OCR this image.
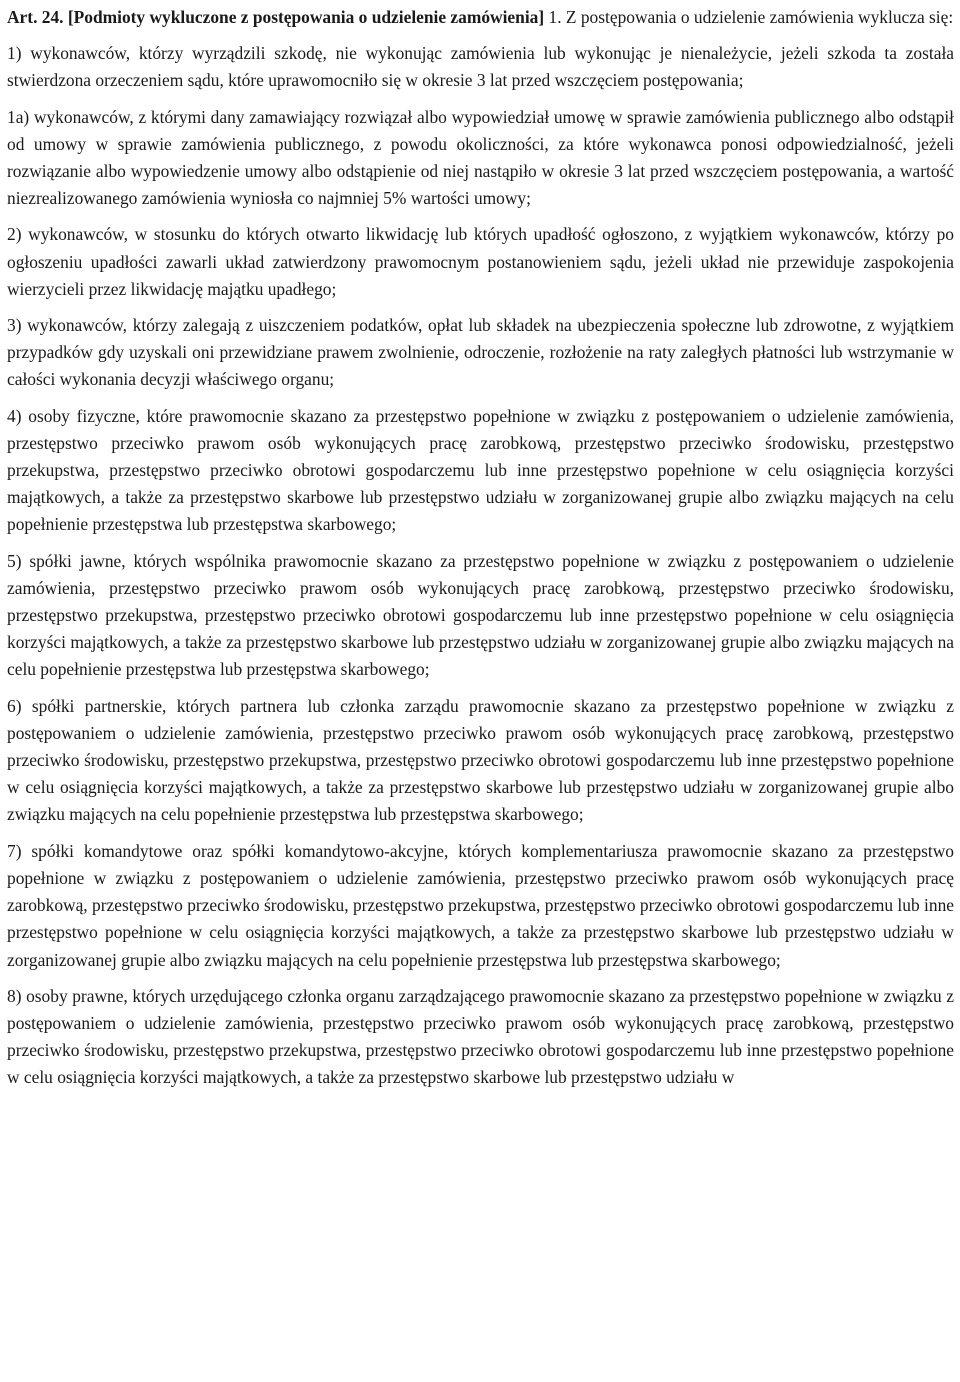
Art. 24. [Podmioty wykluczone z postępowania o udzielenie zamówienia] 1. Z postępowania o udzielenie zamówienia wyklucza się:

1) wykonawców, którzy wyrządzili szkodę, nie wykonując zamówienia lub wykonując je nienależycie, jeżeli szkoda ta została stwierdzona orzeczeniem sądu, które uprawomocniło się w okresie 3 lat przed wszczęciem postępowania;

1a) wykonawców, z którymi dany zamawiający rozwiązał albo wypowiedział umowę w sprawie zamówienia publicznego albo odstąpił od umowy w sprawie zamówienia publicznego, z powodu okoliczności, za które wykonawca ponosi odpowiedzialność, jeżeli rozwiązanie albo wypowiedzenie umowy albo odstąpienie od niej nastąpiło w okresie 3 lat przed wszczęciem postępowania, a wartość niezrealizowanego zamówienia wyniosła co najmniej 5% wartości umowy;

2) wykonawców, w stosunku do których otwarto likwidację lub których upadłość ogłoszono, z wyjątkiem wykonawców, którzy po ogłoszeniu upadłości zawarli układ zatwierdzony prawomocnym postanowieniem sądu, jeżeli układ nie przewiduje zaspokojenia wierzycieli przez likwidację majątku upadłego;

3) wykonawców, którzy zalegają z uiszczeniem podatków, opłat lub składek na ubezpieczenia społeczne lub zdrowotne, z wyjątkiem przypadków gdy uzyskali oni przewidziane prawem zwolnienie, odroczenie, rozłożenie na raty zaległych płatności lub wstrzymanie w całości wykonania decyzji właściwego organu;

4) osoby fizyczne, które prawomocnie skazano za przestępstwo popełnione w związku z postępowaniem o udzielenie zamówienia, przestępstwo przeciwko prawom osób wykonujących pracę zarobkową, przestępstwo przeciwko środowisku, przestępstwo przekupstwa, przestępstwo przeciwko obrotowi gospodarczemu lub inne przestępstwo popełnione w celu osiągnięcia korzyści majątkowych, a także za przestępstwo skarbowe lub przestępstwo udziału w zorganizowanej grupie albo związku mających na celu popełnienie przestępstwa lub przestępstwa skarbowego;

5) spółki jawne, których wspólnika prawomocnie skazano za przestępstwo popełnione w związku z postępowaniem o udzielenie zamówienia, przestępstwo przeciwko prawom osób wykonujących pracę zarobkową, przestępstwo przeciwko środowisku, przestępstwo przekupstwa, przestępstwo przeciwko obrotowi gospodarczemu lub inne przestępstwo popełnione w celu osiągnięcia korzyści majątkowych, a także za przestępstwo skarbowe lub przestępstwo udziału w zorganizowanej grupie albo związku mających na celu popełnienie przestępstwa lub przestępstwa skarbowego;

6) spółki partnerskie, których partnera lub członka zarządu prawomocnie skazano za przestępstwo popełnione w związku z postępowaniem o udzielenie zamówienia, przestępstwo przeciwko prawom osób wykonujących pracę zarobkową, przestępstwo przeciwko środowisku, przestępstwo przekupstwa, przestępstwo przeciwko obrotowi gospodarczemu lub inne przestępstwo popełnione w celu osiągnięcia korzyści majątkowych, a także za przestępstwo skarbowe lub przestępstwo udziału w zorganizowanej grupie albo związku mających na celu popełnienie przestępstwa lub przestępstwa skarbowego;

7) spółki komandytowe oraz spółki komandytowo-akcyjne, których komplementariusza prawomocnie skazano za przestępstwo popełnione w związku z postępowaniem o udzielenie zamówienia, przestępstwo przeciwko prawom osób wykonujących pracę zarobkową, przestępstwo przeciwko środowisku, przestępstwo przekupstwa, przestępstwo przeciwko obrotowi gospodarczemu lub inne przestępstwo popełnione w celu osiągnięcia korzyści majątkowych, a także za przestępstwo skarbowe lub przestępstwo udziału w zorganizowanej grupie albo związku mających na celu popełnienie przestępstwa lub przestępstwa skarbowego;

8) osoby prawne, których urzędującego członka organu zarządzającego prawomocnie skazano za przestępstwo popełnione w związku z postępowaniem o udzielenie zamówienia, przestępstwo przeciwko prawom osób wykonujących pracę zarobkową, przestępstwo przeciwko środowisku, przestępstwo przekupstwa, przestępstwo przeciwko obrotowi gospodarczemu lub inne przestępstwo popełnione w celu osiągnięcia korzyści majątkowych, a także za przestępstwo skarbowe lub przestępstwo udziału w
